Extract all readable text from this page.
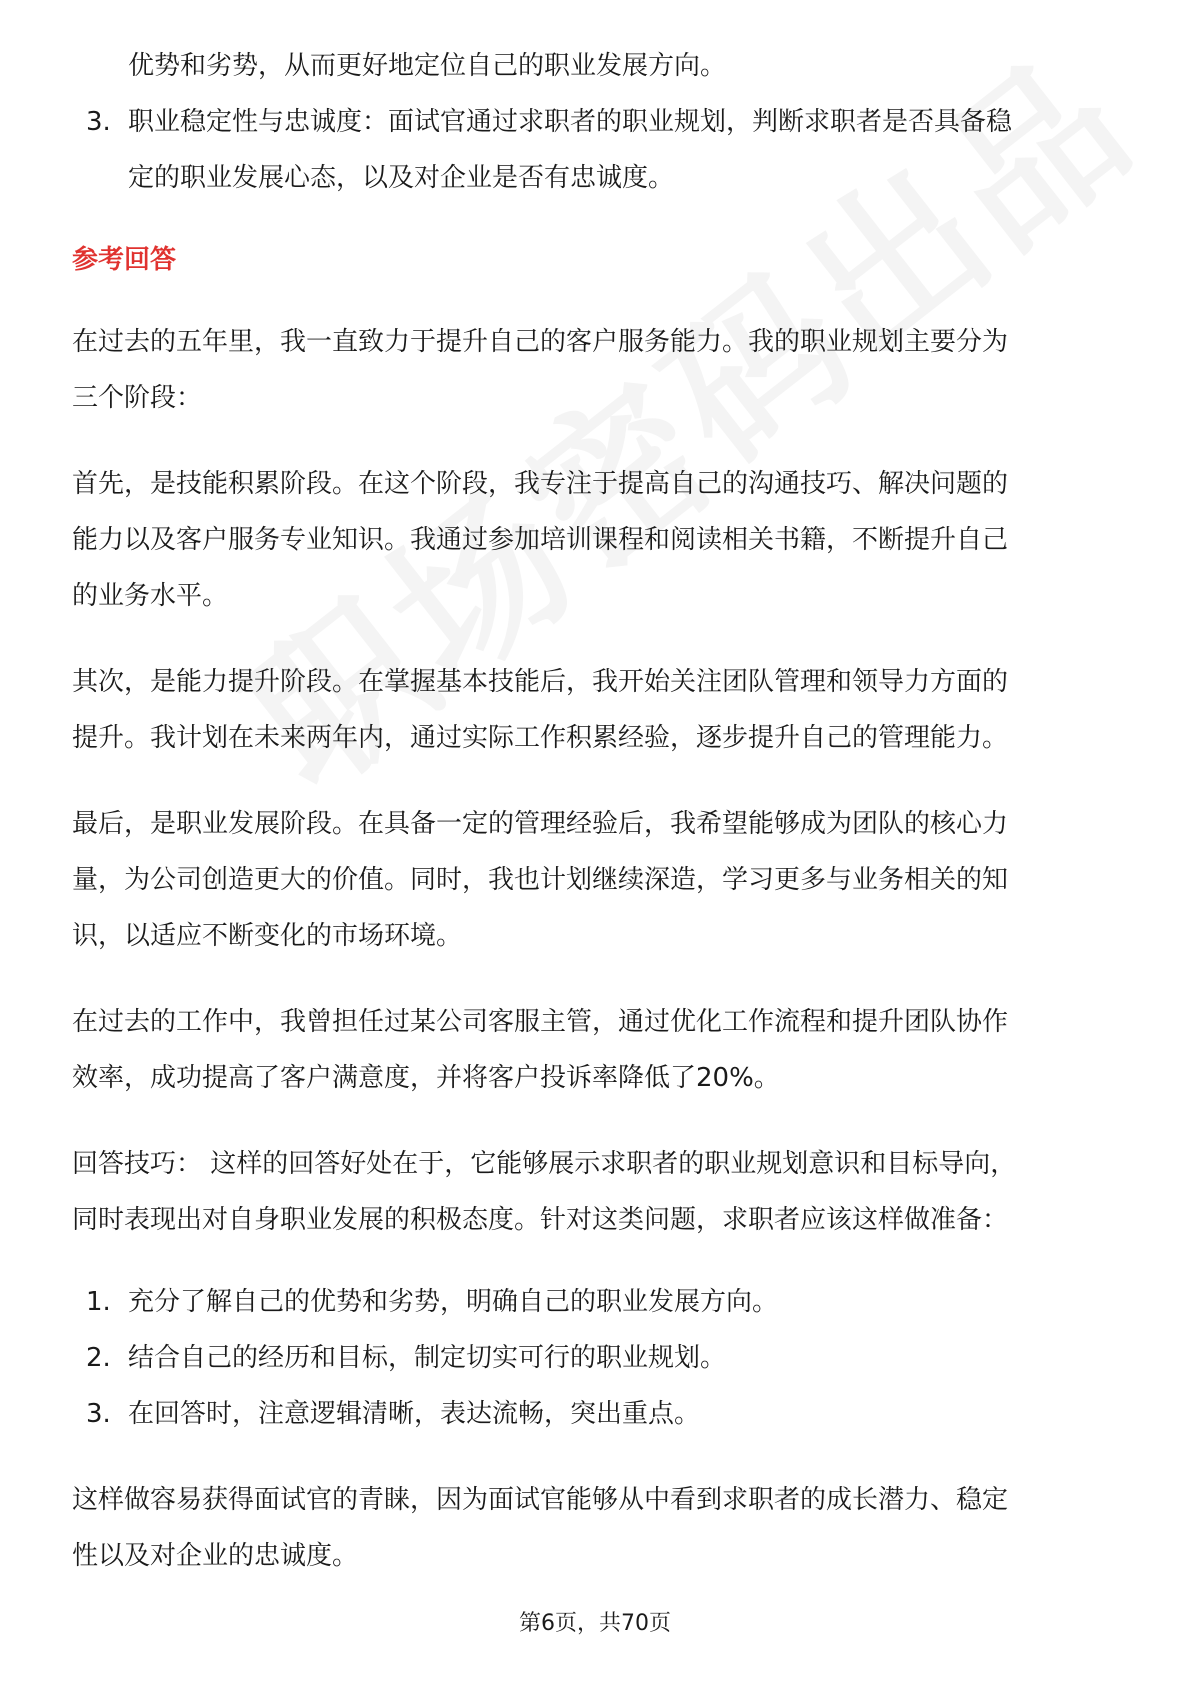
优势和劣势，从而更好地定位自己的职业发展方向。
3. 职业稳定性与忠诚度：面试官通过求职者的职业规划，判断求职者是否具备稳
定的职业发展心态，以及对企业是否有忠诚度。
参考回答
在过去的五年里，我一直致力于提升自己的客户服务能力。我的职业规划主要分为
三个阶段：
首先，是技能积累阶段。在这个阶段，我专注于提高自己的沟通技巧、解决问题的
能力以及客户服务专业知识。我通过参加培训课程和阅读相关书籍，不断提升自己
的业务水平。
其次，是能力提升阶段。在掌握基本技能后，我开始关注团队管理和领导力方面的
提升。我计划在未来两年内，通过实际工作积累经验，逐步提升自己的管理能力。
最后，是职业发展阶段。在具备一定的管理经验后，我希望能够成为团队的核心力
量，为公司创造更大的价值。同时，我也计划继续深造，学习更多与业务相关的知
识，以适应不断变化的市场环境。
在过去的工作中，我曾担任过某公司客服主管，通过优化工作流程和提升团队协作
效率，成功提高了客户满意度，并将客户投诉率降低了20%。
回答技巧： 这样的回答好处在于，它能够展示求职者的职业规划意识和目标导向，
同时表现出对自身职业发展的积极态度。针对这类问题，求职者应该这样做准备：
1. 充分了解自己的优势和劣势，明确自己的职业发展方向。
2. 结合自己的经历和目标，制定切实可行的职业规划。
3. 在回答时，注意逻辑清晰，表达流畅，突出重点。
这样做容易获得面试官的青睐，因为面试官能够从中看到求职者的成长潜力、稳定
性以及对企业的忠诚度。
第6页，共70页
